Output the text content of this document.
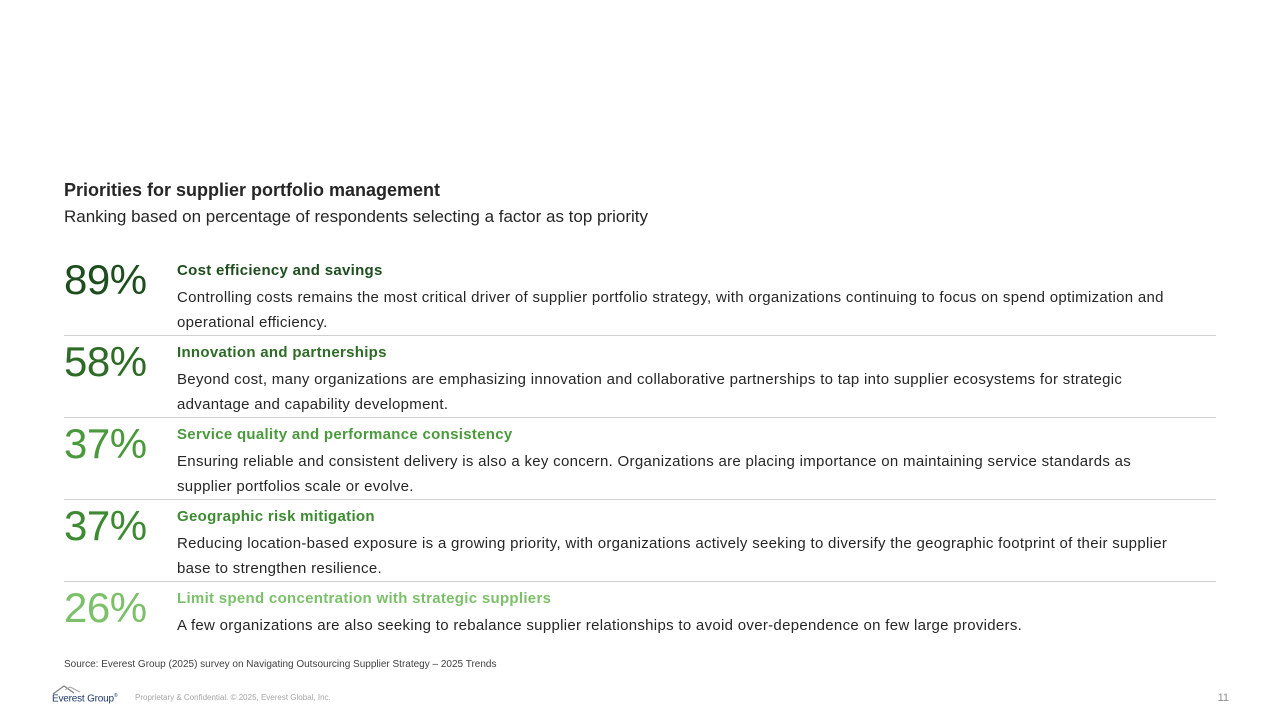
Priorities for supplier portfolio management
Ranking based on percentage of respondents selecting a factor as top priority
89% Cost efficiency and savings
Controlling costs remains the most critical driver of supplier portfolio strategy, with organizations continuing to focus on spend optimization and operational efficiency.
58% Innovation and partnerships
Beyond cost, many organizations are emphasizing innovation and collaborative partnerships to tap into supplier ecosystems for strategic advantage and capability development.
37% Service quality and performance consistency
Ensuring reliable and consistent delivery is also a key concern. Organizations are placing importance on maintaining service standards as supplier portfolios scale or evolve.
37% Geographic risk mitigation
Reducing location-based exposure is a growing priority, with organizations actively seeking to diversify the geographic footprint of their supplier base to strengthen resilience.
26% Limit spend concentration with strategic suppliers
A few organizations are also seeking to rebalance supplier relationships to avoid over-dependence on few large providers.
Source: Everest Group (2025) survey on Navigating Outsourcing Supplier Strategy – 2025 Trends
Everest Group® Proprietary & Confidential. © 2025, Everest Global, Inc.	11
